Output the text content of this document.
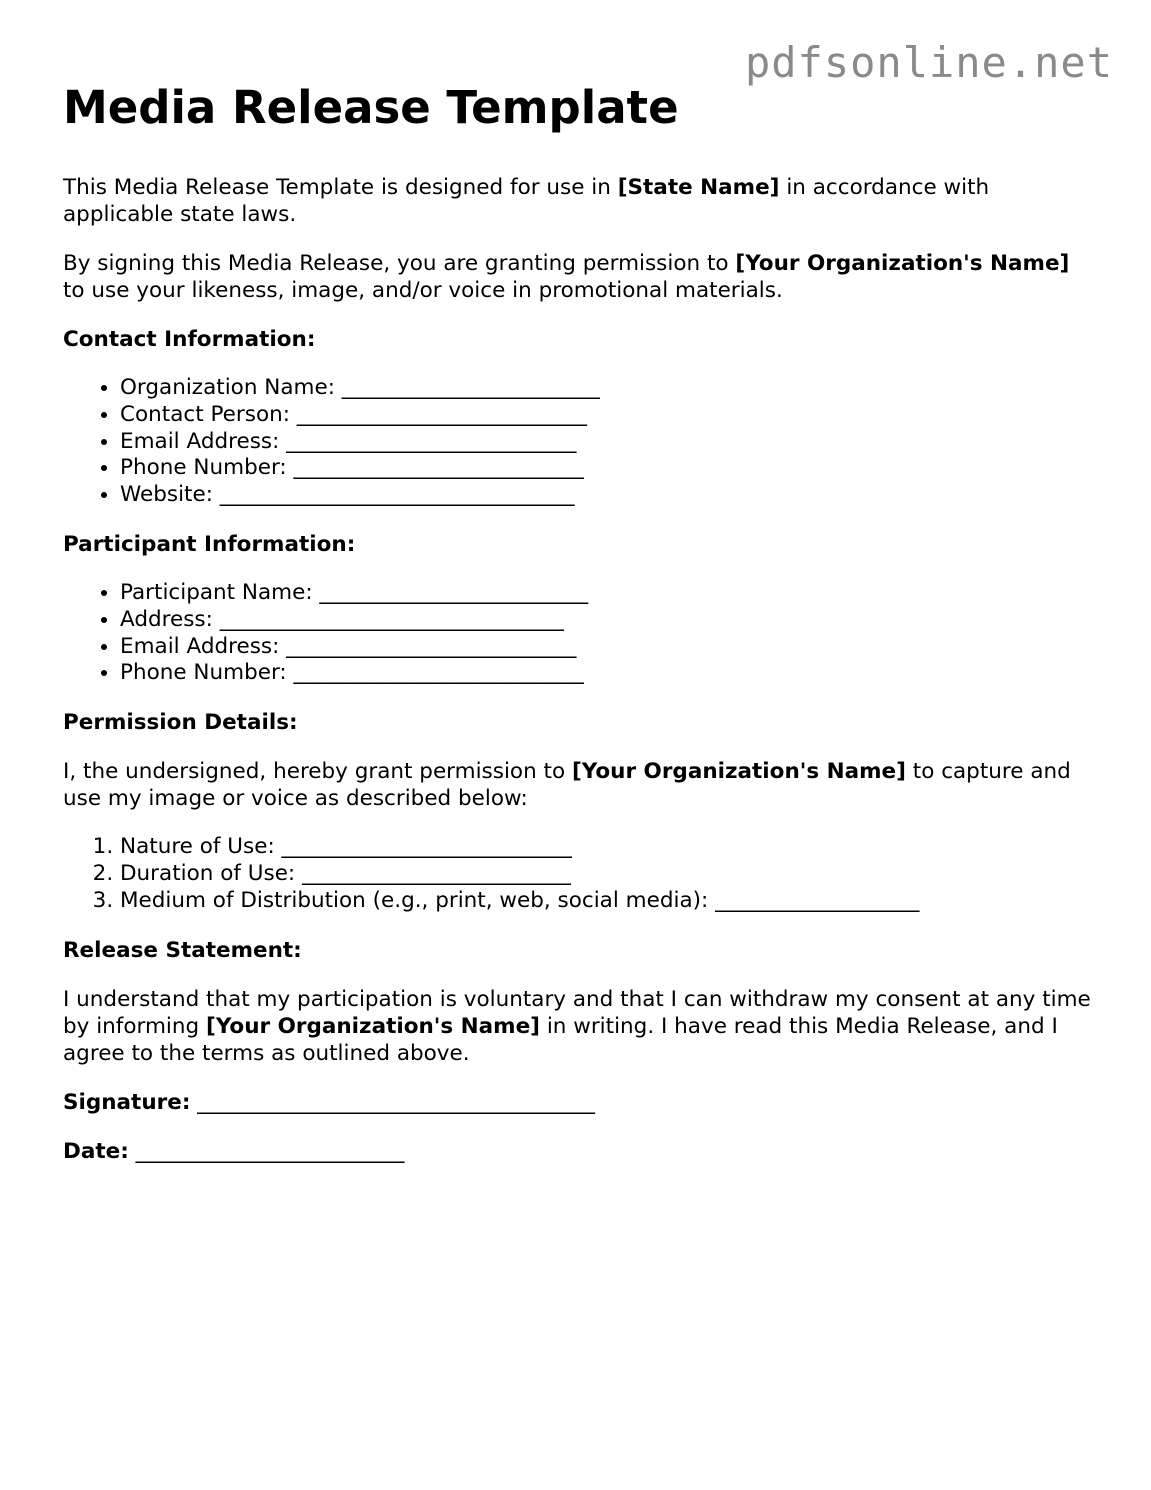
pdfsonline.net
Media Release Template

This Media Release Template is designed for use in [State Name] in accordance with applicable state laws.

By signing this Media Release, you are granting permission to [Your Organization's Name] to use your likeness, image, and/or voice in promotional materials.

Contact Information:
• Organization Name: ________________________
• Contact Person: ___________________________
• Email Address: ___________________________
• Phone Number: ___________________________
• Website: _________________________________
Participant Information:
• Participant Name: _________________________
• Address: ________________________________
• Email Address: ___________________________
• Phone Number: ___________________________
Permission Details:

I, the undersigned, hereby grant permission to [Your Organization's Name] to capture and use my image or voice as described below:

1. Nature of Use: ___________________________
2. Duration of Use: _________________________
3. Medium of Distribution (e.g., print, web, social media): ___________________
Release Statement:

I understand that my participation is voluntary and that I can withdraw my consent at any time by informing [Your Organization's Name] in writing. I have read this Media Release, and I agree to the terms as outlined above.

Signature: _____________________________________
Date: _________________________
